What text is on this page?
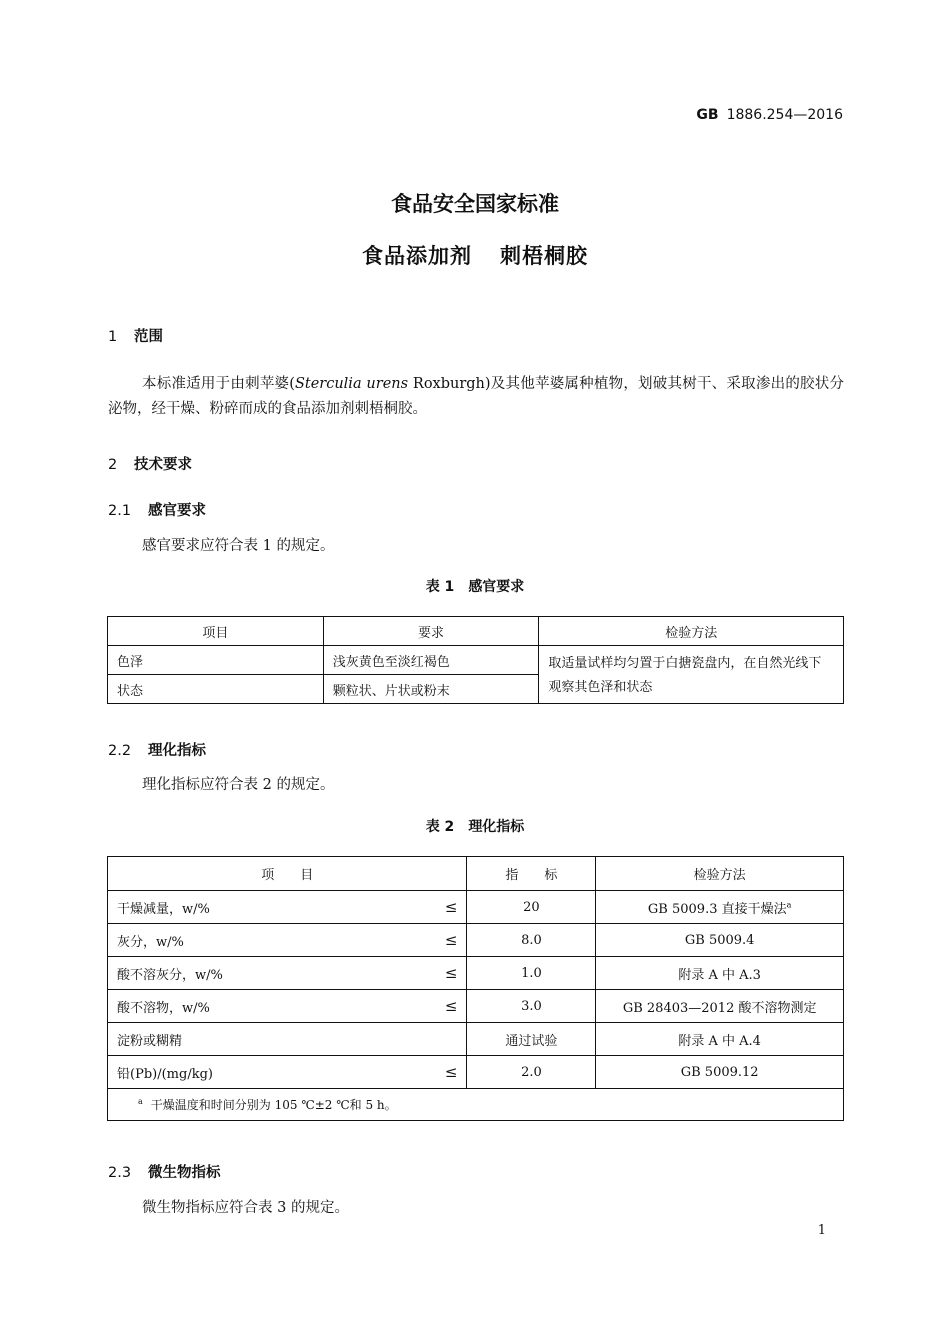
GB 1886.254—2016
食品安全国家标准
食品添加剂 刺梧桐胶
1 范围
本标准适用于由刺苹婆(Sterculia urens Roxburgh)及其他苹婆属种植物，划破其树干、采取渗出的胶状分泌物，经干燥、粉碎而成的食品添加剂刺梧桐胶。
2 技术要求
2.1 感官要求
感官要求应符合表 1 的规定。
表 1 感官要求
项目	要求	检验方法
色泽	浅灰黄色至淡红褐色	取适量试样均匀置于白搪瓷盘内，在自然光线下观察其色泽和状态
状态	颗粒状、片状或粉末	
2.2 理化指标
理化指标应符合表 2 的规定。
表 2 理化指标
项　　目	指　　标	检验方法
干燥减量，w/% ≤	20	GB 5009.3 直接干燥法$^a$
灰分，w/% ≤	8.0	GB 5009.4
酸不溶灰分，w/% ≤	1.0	附录 A 中 A.3
酸不溶物，w/% ≤	3.0	GB 28403—2012 酸不溶物测定
淀粉或糊精	通过试验	附录 A 中 A.4
铅(Pb)/(mg/kg) ≤	2.0	GB 5009.12
$^a$ 干燥温度和时间分别为 105 ℃±2 ℃和 5 h。		
2.3 微生物指标
微生物指标应符合表 3 的规定。
1
